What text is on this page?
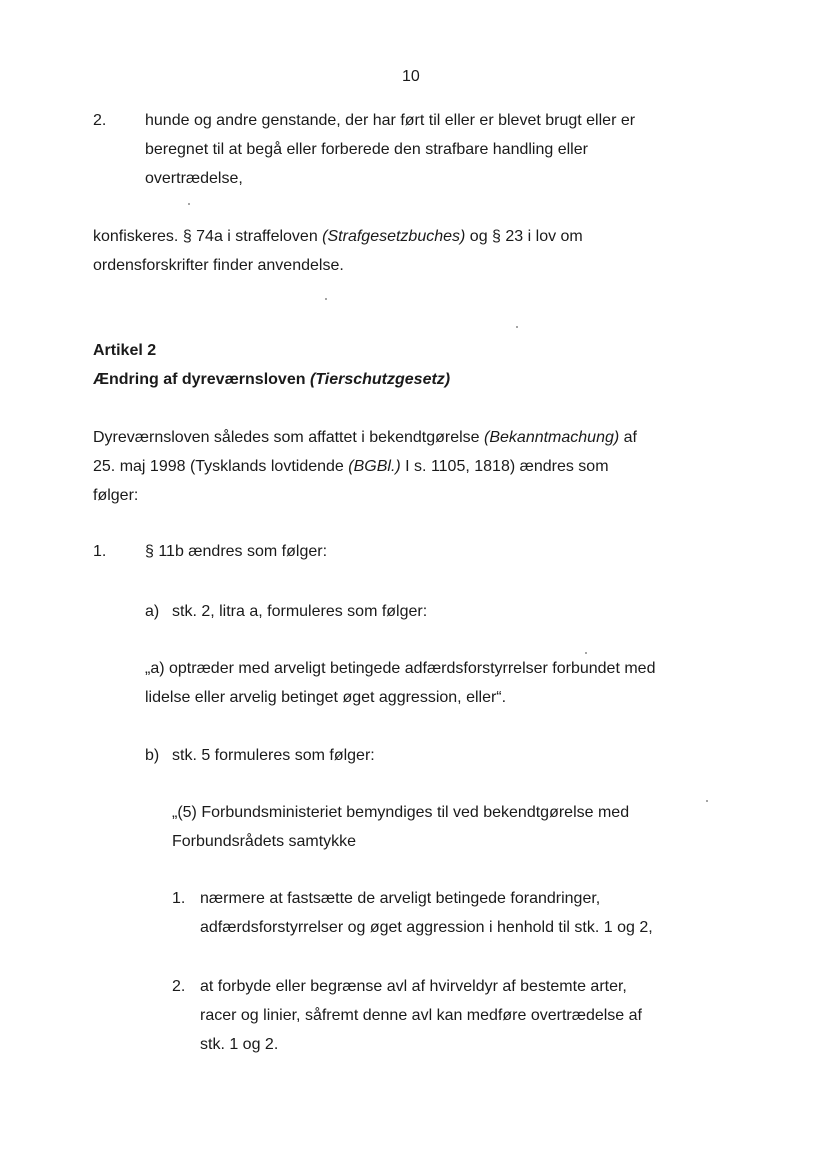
10

2. hunde og andre genstande, der har ført til eller er blevet brugt eller er
beregnet til at begå eller forberede den strafbare handling eller
overtrædelse,
konfiskeres. § 74a i straffeloven (Strafgesetzbuches) og § 23 i lov om
ordensforskrifter finder anvendelse.
Artikel 2
Ændring af dyreværnsloven (Tierschutzgesetz)
Dyreværnsloven således som affattet i bekendtgørelse (Bekanntmachung) af
25. maj 1998 (Tysklands lovtidende (BGBl.) I s. 1105, 1818) ændres som
følger:
1. § 11b ændres som følger:
a) stk. 2, litra a, formuleres som følger:
„a) optræder med arveligt betingede adfærdsforstyrrelser forbundet med
lidelse eller arvelig betinget øget aggression, eller“.
b) stk. 5 formuleres som følger:
„(5) Forbundsministeriet bemyndiges til ved bekendtgørelse med
Forbundsrådets samtykke
1. nærmere at fastsætte de arveligt betingede forandringer,
adfærdsforstyrrelser og øget aggression i henhold til stk. 1 og 2,
2. at forbyde eller begrænse avl af hvirveldyr af bestemte arter,
racer og linier, såfremt denne avl kan medføre overtrædelse af
stk. 1 og 2.
